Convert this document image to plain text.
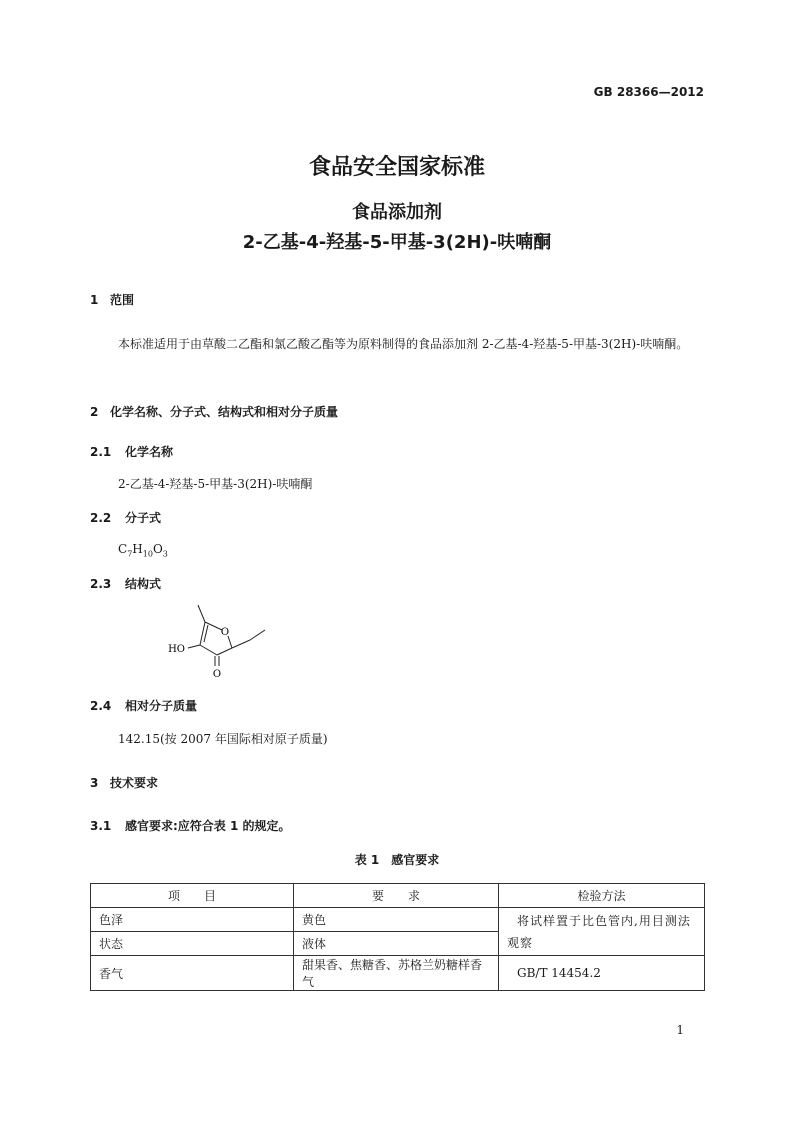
GB 28366—2012
食品安全国家标准
食品添加剂
2-乙基-4-羟基-5-甲基-3(2H)-呋喃酮
1 范围
本标准适用于由草酸二乙酯和氯乙酸乙酯等为原料制得的食品添加剂 2-乙基-4-羟基-5-甲基-3(2H)-呋喃酮。
2 化学名称、分子式、结构式和相对分子质量
2.1 化学名称
2-乙基-4-羟基-5-甲基-3(2H)-呋喃酮
2.2 分子式
$C_7H_{10}O_3$
2.3 结构式
O
HO
O
2.4 相对分子质量
142.15(按 2007 年国际相对原子质量)
3 技术要求
3.1 感官要求:应符合表 1 的规定。
表 1　感官要求
项　　目	要　　求	检验方法
色泽	黄色	将试样置于比色管内,用目测法观察
状态	液体	
香气	甜果香、焦糖香、苏格兰奶糖样香气	GB/T 14454.2
1
